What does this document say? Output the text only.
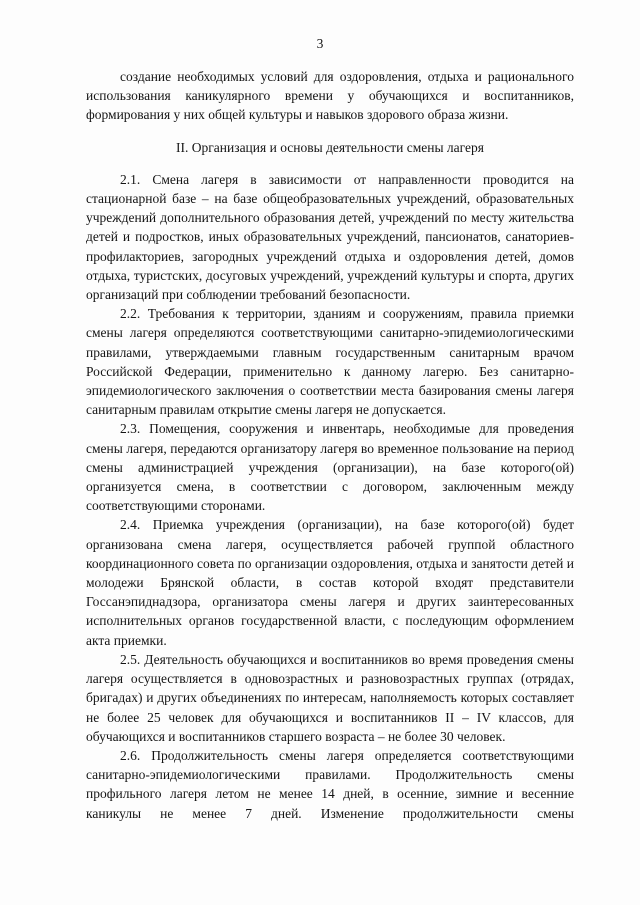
3

создание необходимых условий для оздоровления, отдыха и рационального использования каникулярного времени у обучающихся и воспитанников, формирования у них общей культуры и навыков здорового образа жизни.

II. Организация и основы деятельности смены лагеря

2.1. Смена лагеря в зависимости от направленности проводится на стационарной базе – на базе общеобразовательных учреждений, образовательных учреждений дополнительного образования детей, учреждений по месту жительства детей и подростков, иных образовательных учреждений, пансионатов, санаториев-профилакториев, загородных учреждений отдыха и оздоровления детей, домов отдыха, туристских, досуговых учреждений, учреждений культуры и спорта, других организаций при соблюдении требований безопасности.

2.2. Требования к территории, зданиям и сооружениям, правила приемки смены лагеря определяются соответствующими санитарно-эпидемиологическими правилами, утверждаемыми главным государственным санитарным врачом Российской Федерации, применительно к данному лагерю. Без санитарно-эпидемиологического заключения о соответствии места базирования смены лагеря санитарным правилам открытие смены лагеря не допускается.

2.3. Помещения, сооружения и инвентарь, необходимые для проведения смены лагеря, передаются организатору лагеря во временное пользование на период смены администрацией учреждения (организации), на базе которого(ой) организуется смена, в соответствии с договором, заключенным между соответствующими сторонами.

2.4. Приемка учреждения (организации), на базе которого(ой) будет организована смена лагеря, осуществляется рабочей группой областного координационного совета по организации оздоровления, отдыха и занятости детей и молодежи Брянской области, в состав которой входят представители Госсанэпиднадзора, организатора смены лагеря и других заинтересованных исполнительных органов государственной власти, с последующим оформлением акта приемки.

2.5. Деятельность обучающихся и воспитанников во время проведения смены лагеря осуществляется в одновозрастных и разновозрастных группах (отрядах, бригадах) и других объединениях по интересам, наполняемость которых составляет не более 25 человек для обучающихся и воспитанников II – IV классов, для обучающихся и воспитанников старшего возраста – не более 30 человек.

2.6. Продолжительность смены лагеря определяется соответствующими санитарно-эпидемиологическими правилами. Продолжительность смены профильного лагеря летом не менее 14 дней, в осенние, зимние и весенние каникулы не менее 7 дней. Изменение продолжительности смены
